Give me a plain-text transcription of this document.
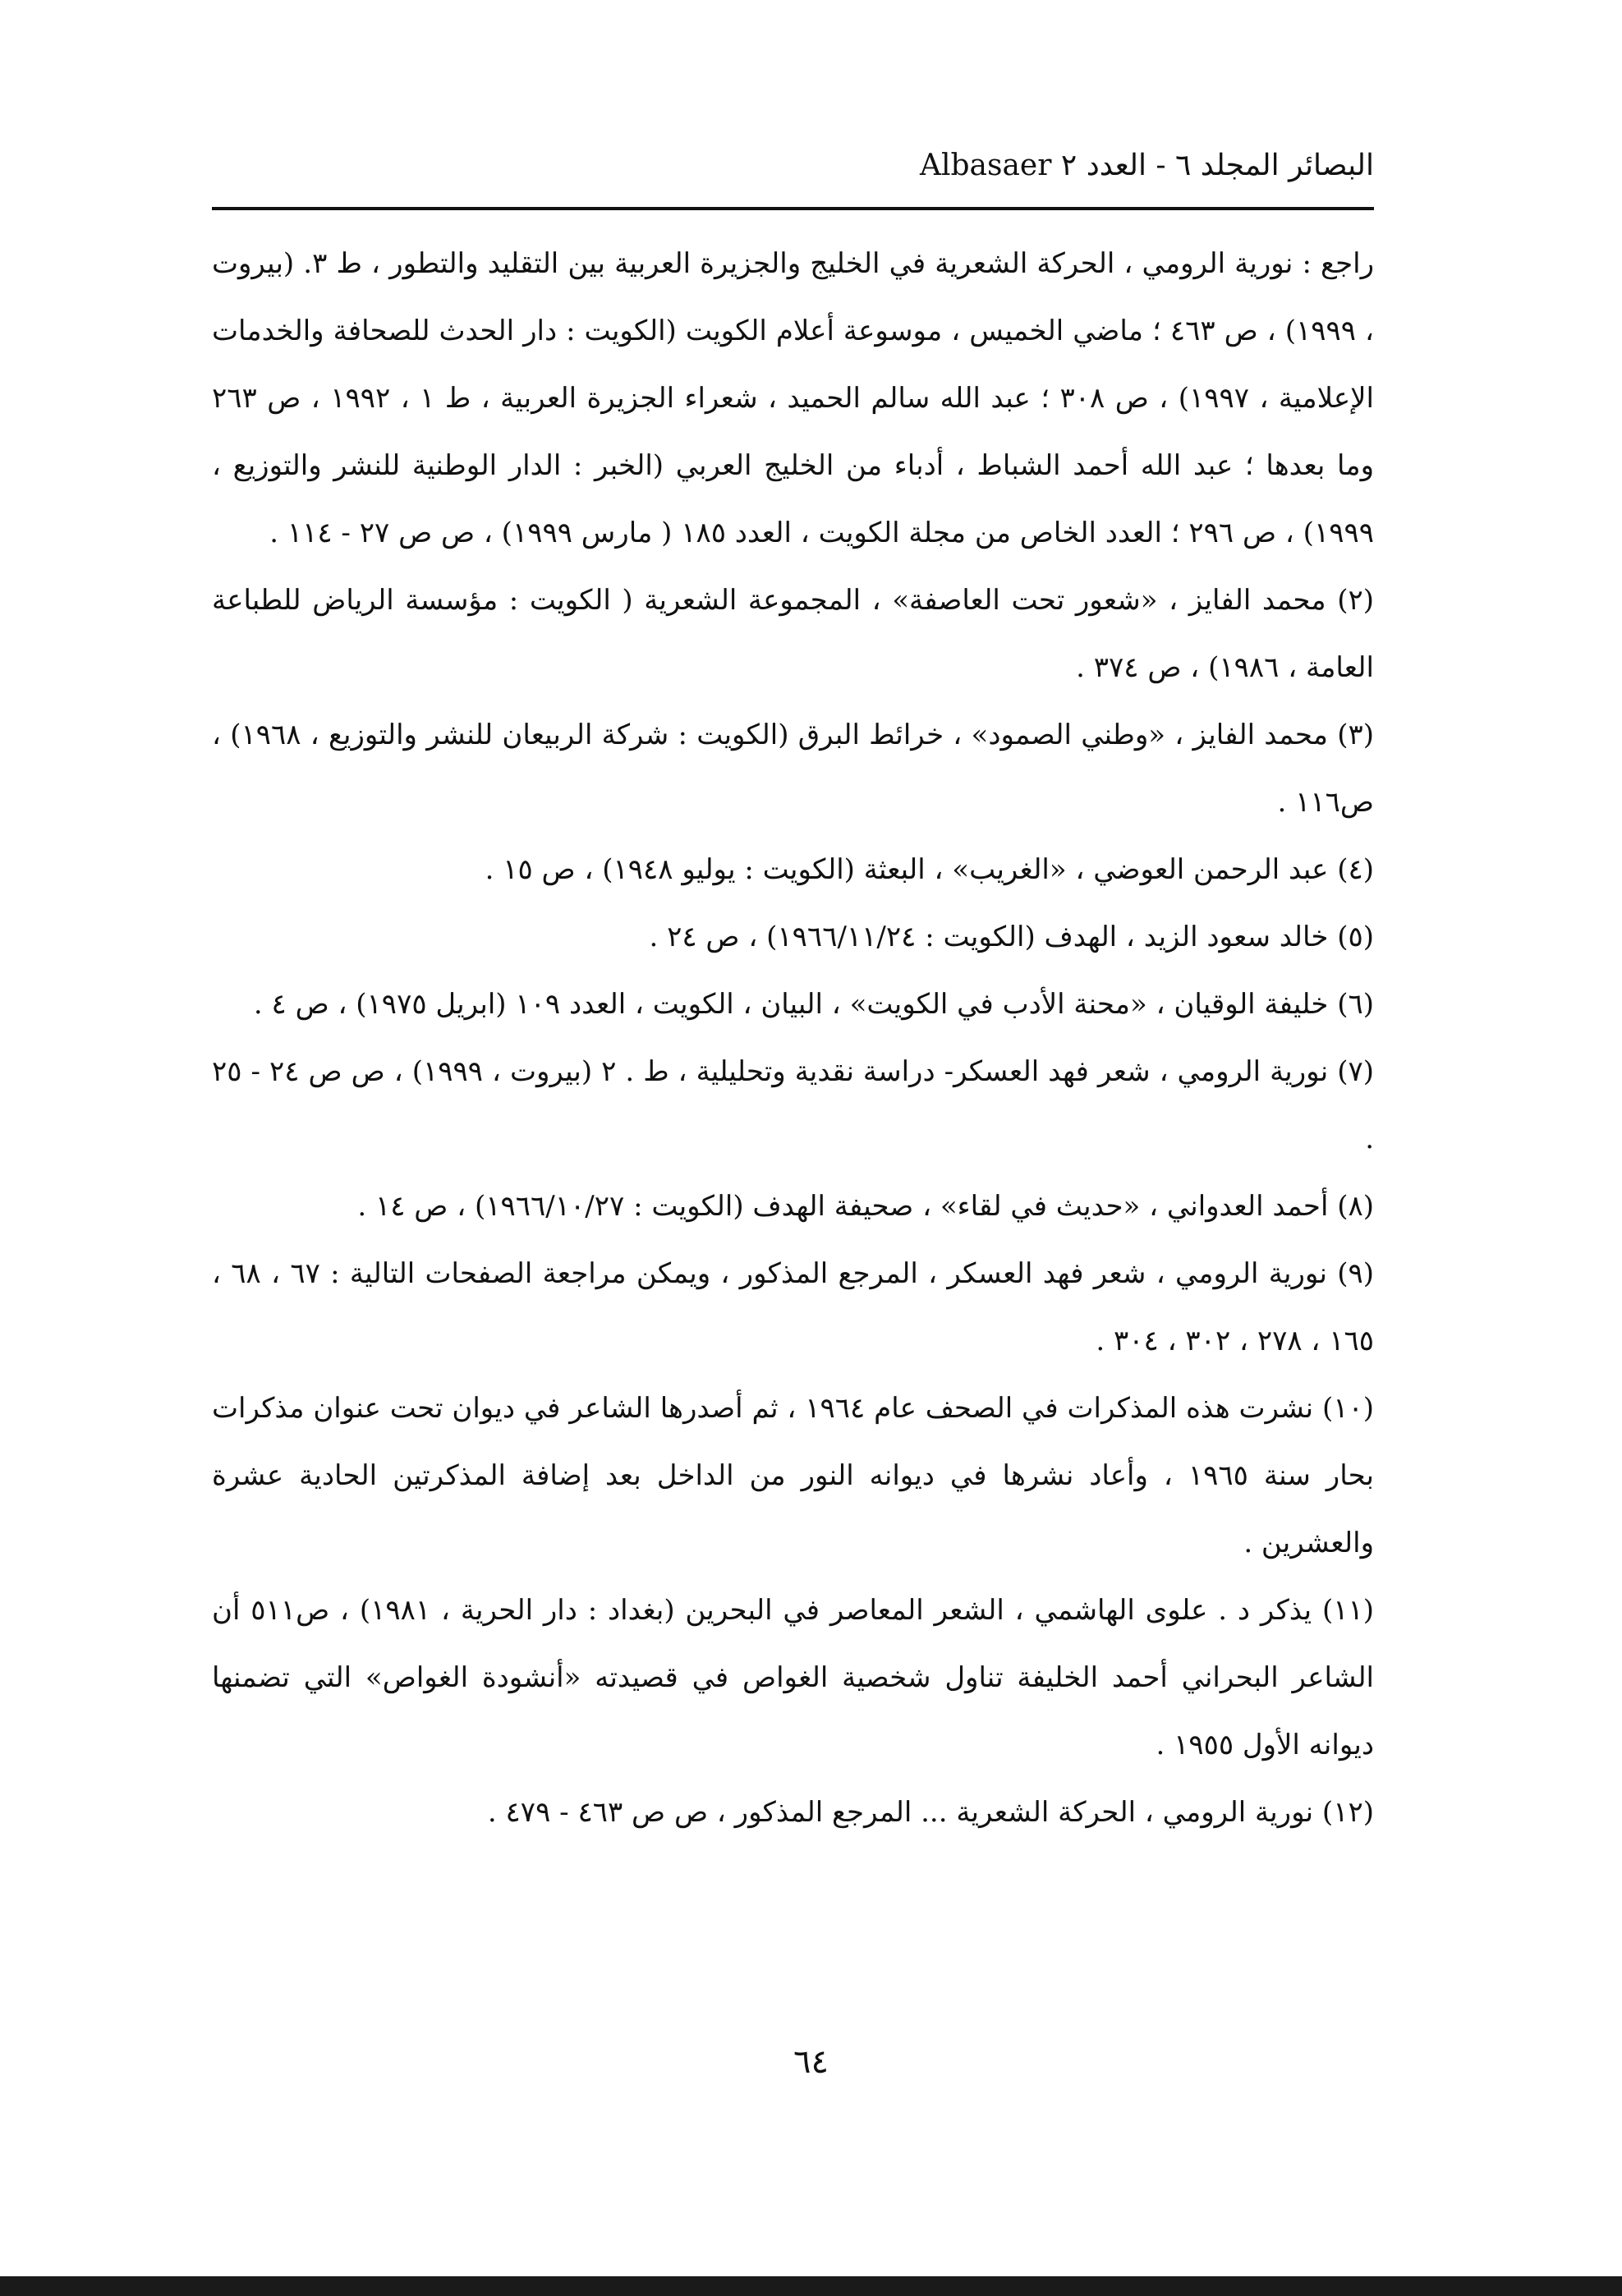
البصائر المجلد ٦ - العدد ٢ Albasaer
راجع : نورية الرومي ، الحركة الشعرية في الخليج والجزيرة العربية بين التقليد والتطور ، ط ٣. (بيروت ، ١٩٩٩) ، ص ٤٦٣ ؛ ماضي الخميس ، موسوعة أعلام الكويت (الكويت : دار الحدث للصحافة والخدمات الإعلامية ، ١٩٩٧) ، ص ٣٠٨ ؛ عبد الله سالم الحميد ، شعراء الجزيرة العربية ، ط ١ ، ١٩٩٢ ، ص ٢٦٣ وما بعدها ؛ عبد الله أحمد الشباط ، أدباء من الخليج العربي (الخبر : الدار الوطنية للنشر والتوزيع ، ١٩٩٩) ، ص ٢٩٦ ؛ العدد الخاص من مجلة الكويت ، العدد ١٨٥ ( مارس ١٩٩٩) ، ص ص ٢٧ - ١١٤ .
(٢) محمد الفايز ، «شعور تحت العاصفة» ، المجموعة الشعرية ( الكويت : مؤسسة الرياض للطباعة العامة ، ١٩٨٦) ، ص ٣٧٤ .
(٣) محمد الفايز ، «وطني الصمود» ، خرائط البرق (الكويت : شركة الربيعان للنشر والتوزيع ، ١٩٦٨) ، ص١١٦ .
(٤) عبد الرحمن العوضي ، «الغريب» ، البعثة (الكويت : يوليو ١٩٤٨) ، ص ١٥ .
(٥) خالد سعود الزيد ، الهدف (الكويت : ١٩٦٦/١١/٢٤) ، ص ٢٤ .
(٦) خليفة الوقيان ، «محنة الأدب في الكويت» ، البيان ، الكويت ، العدد ١٠٩ (ابريل ١٩٧٥) ، ص ٤ .
(٧) نورية الرومي ، شعر فهد العسكر- دراسة نقدية وتحليلية ، ط . ٢ (بيروت ، ١٩٩٩) ، ص ص ٢٤ - ٢٥ .
(٨) أحمد العدواني ، «حديث في لقاء» ، صحيفة الهدف (الكويت : ١٩٦٦/١٠/٢٧) ، ص ١٤ .
(٩) نورية الرومي ، شعر فهد العسكر ، المرجع المذكور ، ويمكن مراجعة الصفحات التالية : ٦٧ ، ٦٨ ، ١٦٥ ، ٢٧٨ ، ٣٠٢ ، ٣٠٤ .
(١٠) نشرت هذه المذكرات في الصحف عام ١٩٦٤ ، ثم أصدرها الشاعر في ديوان تحت عنوان مذكرات بحار سنة ١٩٦٥ ، وأعاد نشرها في ديوانه النور من الداخل بعد إضافة المذكرتين الحادية عشرة والعشرين .
(١١) يذكر د . علوى الهاشمي ، الشعر المعاصر في البحرين (بغداد : دار الحرية ، ١٩٨١) ، ص٥١١ أن الشاعر البحراني أحمد الخليفة تناول شخصية الغواص في قصيدته «أنشودة الغواص» التي تضمنها ديوانه الأول ١٩٥٥ .
(١٢) نورية الرومي ، الحركة الشعرية ... المرجع المذكور ، ص ص ٤٦٣ - ٤٧٩ .
٦٤
